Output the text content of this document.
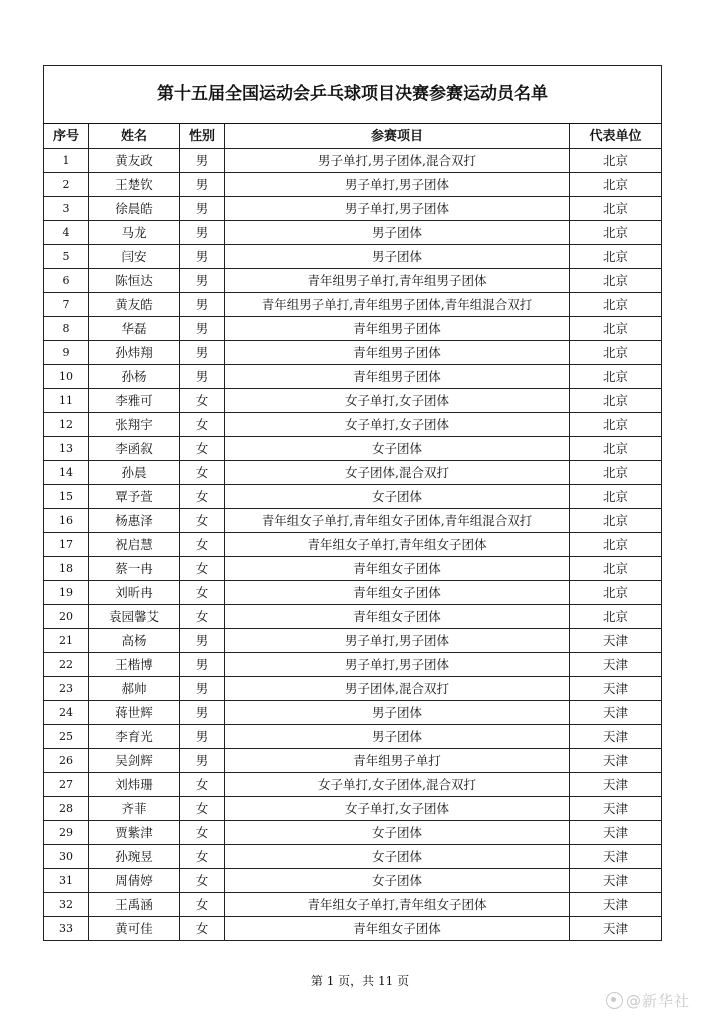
第十五届全国运动会乒乓球项目决赛参赛运动员名单				
序号	姓名	性别	参赛项目	代表单位
1	黄友政	男	男子单打,男子团体,混合双打	北京
2	王楚钦	男	男子单打,男子团体	北京
3	徐晨皓	男	男子单打,男子团体	北京
4	马龙	男	男子团体	北京
5	闫安	男	男子团体	北京
6	陈恒达	男	青年组男子单打,青年组男子团体	北京
7	黄友皓	男	青年组男子单打,青年组男子团体,青年组混合双打	北京
8	华磊	男	青年组男子团体	北京
9	孙炜翔	男	青年组男子团体	北京
10	孙杨	男	青年组男子团体	北京
11	李雅可	女	女子单打,女子团体	北京
12	张翔宇	女	女子单打,女子团体	北京
13	李函叙	女	女子团体	北京
14	孙晨	女	女子团体,混合双打	北京
15	覃予萱	女	女子团体	北京
16	杨惠泽	女	青年组女子单打,青年组女子团体,青年组混合双打	北京
17	祝启慧	女	青年组女子单打,青年组女子团体	北京
18	蔡一冉	女	青年组女子团体	北京
19	刘昕冉	女	青年组女子团体	北京
20	袁园馨艾	女	青年组女子团体	北京
21	高杨	男	男子单打,男子团体	天津
22	王楷博	男	男子单打,男子团体	天津
23	郝帅	男	男子团体,混合双打	天津
24	蒋世辉	男	男子团体	天津
25	李育光	男	男子团体	天津
26	吴剑辉	男	青年组男子单打	天津
27	刘炜珊	女	女子单打,女子团体,混合双打	天津
28	齐菲	女	女子单打,女子团体	天津
29	贾紫津	女	女子团体	天津
30	孙琬昱	女	女子团体	天津
31	周倩婷	女	女子团体	天津
32	王禹涵	女	青年组女子单打,青年组女子团体	天津
33	黄可佳	女	青年组女子团体	天津
第 1 页，共 11 页
@新华社
